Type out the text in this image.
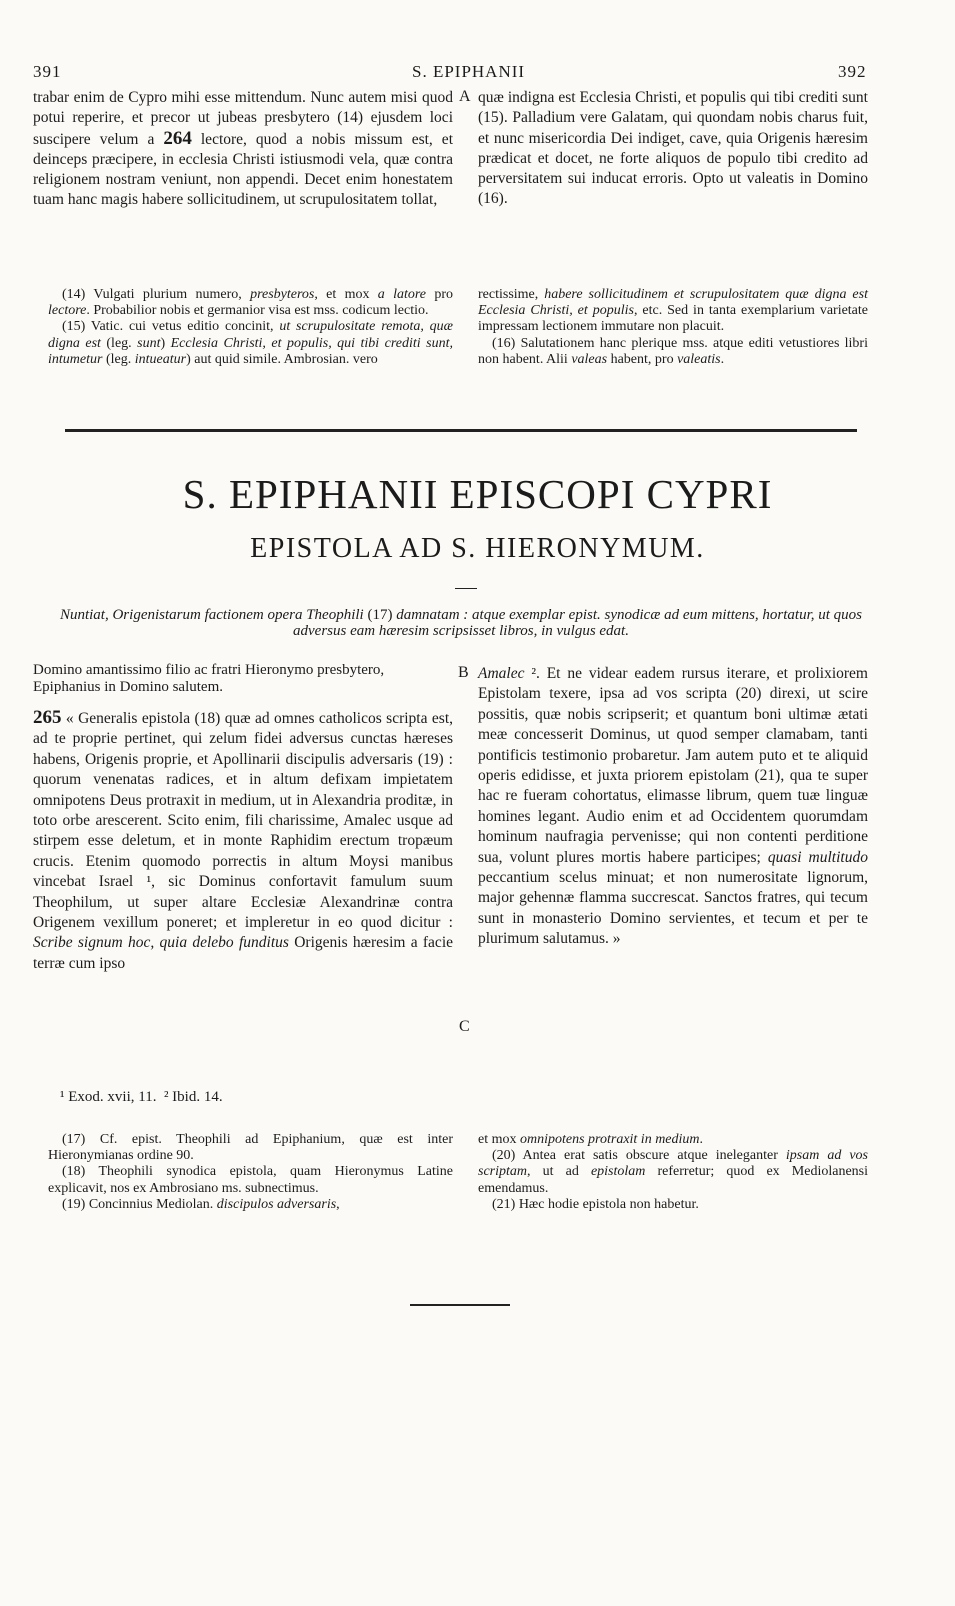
391	S. EPIPHANII	392

trabar enim de Cypro mihi esse mittendum. Nunc autem misi quod potui reperire, et precor ut jubeas presbytero (14) ejusdem loci suscipere velum a 264 lectore, quod a nobis missum est, et deinceps præcipere, in ecclesia Christi istiusmodi vela, quæ contra religionem nostram veniunt, non appendi. Decet enim honestatem tuam hanc magis habere sollicitudinem, ut scrupulositatem tollat,

A quæ indigna est Ecclesia Christi, et populis qui tibi crediti sunt (15). Palladium vere Galatam, qui quondam nobis charus fuit, et nunc misericordia Dei indiget, cave, quia Origenis hæresim prædicat et docet, ne forte aliquos de populo tibi credito ad perversitatem sui inducat erroris. Opto ut valeatis in Domino (16).

(14) Vulgati plurium numero, presbyteros, et mox a latore pro lectore. Probabilior nobis et germanior visa est mss. codicum lectio.

(15) Vatic. cui vetus editio concinit, ut scrupulositate remota, quæ digna est (leg. sunt) Ecclesia Christi, et populis, qui tibi crediti sunt, intumetur (leg. intueatur) aut quid simile. Ambrosian. vero

rectissime, habere sollicitudinem et scrupulositatem quæ digna est Ecclesia Christi, et populis, etc. Sed in tanta exemplarium varietate impressam lectionem immutare non placuit.

(16) Salutationem hanc plerique mss. atque editi vetustiores libri non habent. Alii valeas habent, pro valeatis.

S. EPIPHANII EPISCOPI CYPRI
EPISTOLA AD S. HIERONYMUM.
Nuntiat, Origenistarum factionem opera Theophili (17) damnatam : atque exemplar epist. synodicæ ad eum mittens, hortatur, ut quos adversus eam hæresim scripsisset libros, in vulgus edat.
Domino amantissimo filio ac fratri Hieronymo presbytero, Epiphanius in Domino salutem.

265 « Generalis epistola (18) quæ ad omnes catholicos scripta est, ad te proprie pertinet, qui zelum fidei adversus cunctas hæreses habens, Origenis proprie, et Apollinarii discipulis adversaris (19) : quorum venenatas radices, et in altum defixam impietatem omnipotens Deus protraxit in medium, ut in Alexandria proditæ, in toto orbe arescerent. Scito enim, fili charissime, Amalec usque ad stirpem esse deletum, et in monte Raphidim erectum tropæum crucis. Etenim quomodo porrectis in altum Moysi manibus vincebat Israel ¹, sic Dominus confortavit famulum suum Theophilum, ut super altare Ecclesiæ Alexandrinæ contra Origenem vexillum poneret; et impleretur in eo quod dicitur : Scribe signum hoc, quia delebo funditus Origenis hæresim a facie terræ cum ipso

B
C

Amalec ². Et ne videar eadem rursus iterare, et prolixiorem Epistolam texere, ipsa ad vos scripta (20) direxi, ut scire possitis, quæ nobis scripserit; et quantum boni ultimæ ætati meæ concesserit Dominus, ut quod semper clamabam, tanti pontificis testimonio probaretur. Jam autem puto et te aliquid operis edidisse, et juxta priorem epistolam (21), qua te super hac re fueram cohortatus, elimasse librum, quem tuæ linguæ homines legant. Audio enim et ad Occidentem quorumdam hominum naufragia pervenisse; qui non contenti perditione sua, volunt plures mortis habere participes; quasi multitudo peccantium scelus minuat; et non numerositate lignorum, major gehennæ flamma succrescat. Sanctos fratres, qui tecum sunt in monasterio Domino servientes, et tecum et per te plurimum salutamus. »

¹ Exod. xvii, 11.  ² Ibid. 14.

(17) Cf. epist. Theophili ad Epiphanium, quæ est inter Hieronymianas ordine 90.

(18) Theophili synodica epistola, quam Hieronymus Latine explicavit, nos ex Ambrosiano ms. subnectimus.

(19) Concinnius Mediolan. discipulos adversaris,

et mox omnipotens protraxit in medium.

(20) Antea erat satis obscure atque ineleganter ipsam ad vos scriptam, ut ad epistolam referretur; quod ex Mediolanensi emendamus.

(21) Hæc hodie epistola non habetur.
